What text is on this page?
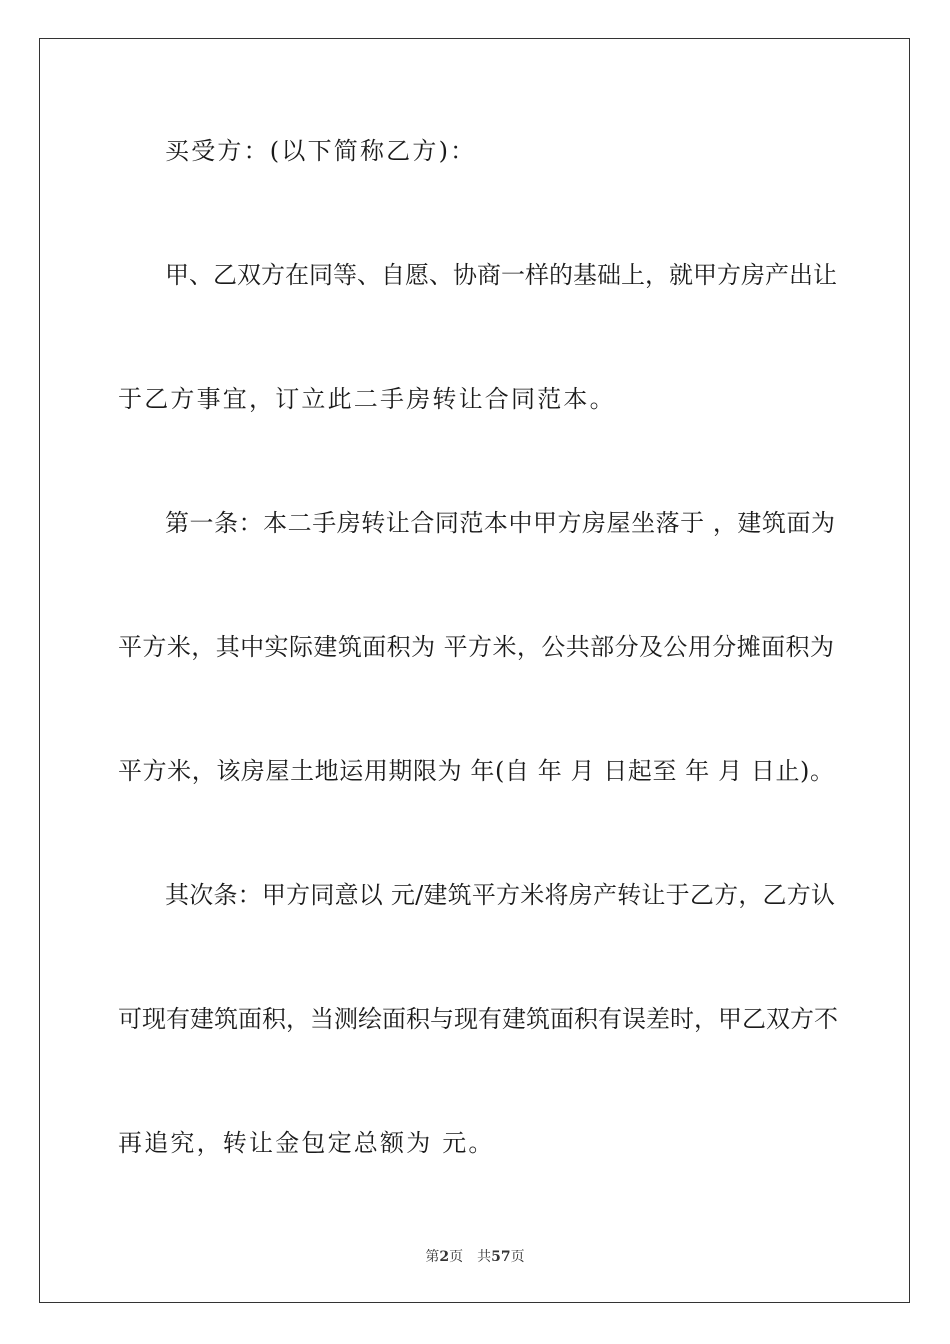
买受方：(以下简称乙方)：
甲、乙双方在同等、自愿、协商一样的基础上，就甲方房产出让
于乙方事宜，订立此二手房转让合同范本。
第一条：本二手房转让合同范本中甲方房屋坐落于 ，建筑面为
平方米，其中实际建筑面积为 平方米，公共部分及公用分摊面积为
平方米，该房屋土地运用期限为 年(自 年 月 日起至 年 月 日止)。
其次条：甲方同意以 元/建筑平方米将房产转让于乙方，乙方认
可现有建筑面积，当测绘面积与现有建筑面积有误差时，甲乙双方不
再追究，转让金包定总额为 元。
第2页 共57页
